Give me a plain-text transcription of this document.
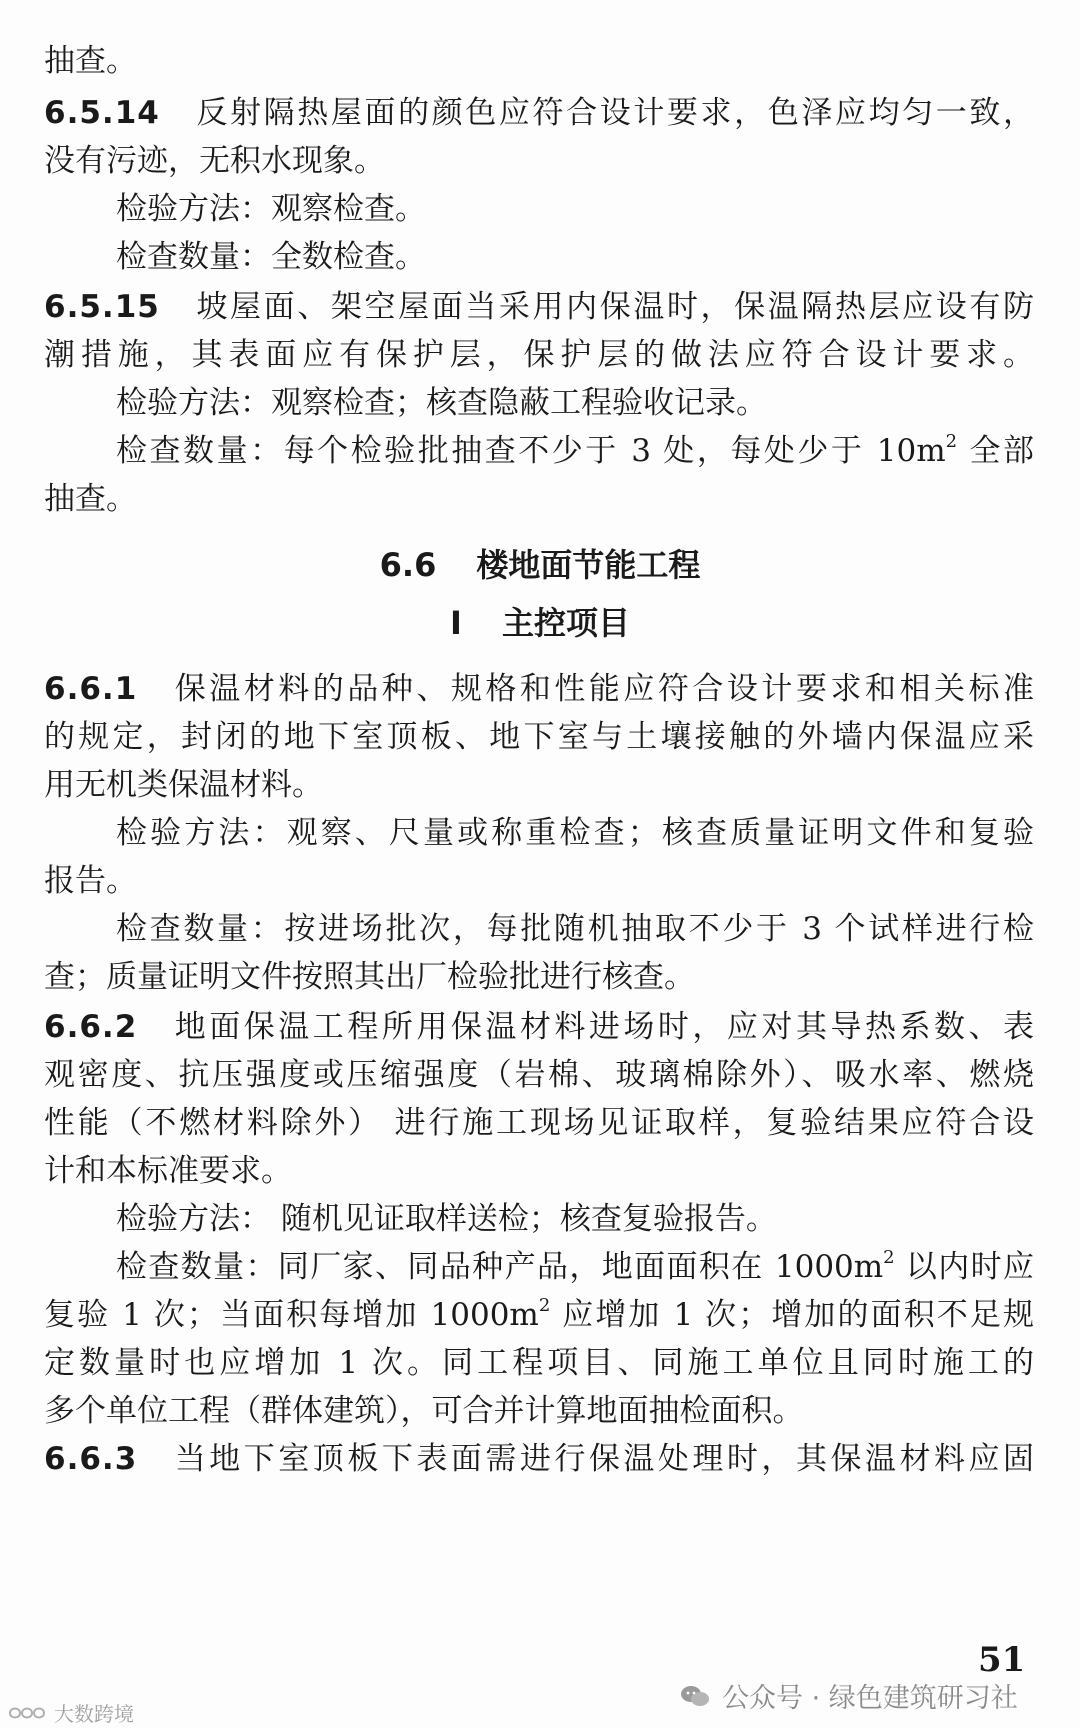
抽查。
6.5.14 反射隔热屋面的颜色应符合设计要求，色泽应均匀一致，
没有污迹，无积水现象。
检验方法：观察检查。
检查数量：全数检查。
6.5.15 坡屋面、架空屋面当采用内保温时，保温隔热层应设有防
潮措施，其表面应有保护层，保护层的做法应符合设计要求。
检验方法：观察检查；核查隐蔽工程验收记录。
检查数量：每个检验批抽查不少于 3 处，每处少于 $10m^2$ 全部
抽查。
6.6 楼地面节能工程
I 主控项目
6.6.1 保温材料的品种、规格和性能应符合设计要求和相关标准
的规定，封闭的地下室顶板、地下室与土壤接触的外墙内保温应采
用无机类保温材料。
检验方法：观察、尺量或称重检查；核查质量证明文件和复验
报告。
检查数量：按进场批次，每批随机抽取不少于 3 个试样进行检
查；质量证明文件按照其出厂检验批进行核查。
6.6.2 地面保温工程所用保温材料进场时，应对其导热系数、表
观密度、抗压强度或压缩强度（岩棉、玻璃棉除外）、吸水率、燃烧
性能（不燃材料除外） 进行施工现场见证取样，复验结果应符合设
计和本标准要求。
检验方法： 随机见证取样送检；核查复验报告。
检查数量：同厂家、同品种产品，地面面积在 $1000m^2$ 以内时应
复验 1 次；当面积每增加 $1000m^2$ 应增加 1 次；增加的面积不足规
定数量时也应增加 1 次。同工程项目、同施工单位且同时施工的
多个单位工程（群体建筑），可合并计算地面抽检面积。
6.6.3 当地下室顶板下表面需进行保温处理时，其保温材料应固
51
公众号 · 绿色建筑研习社
大数跨境
